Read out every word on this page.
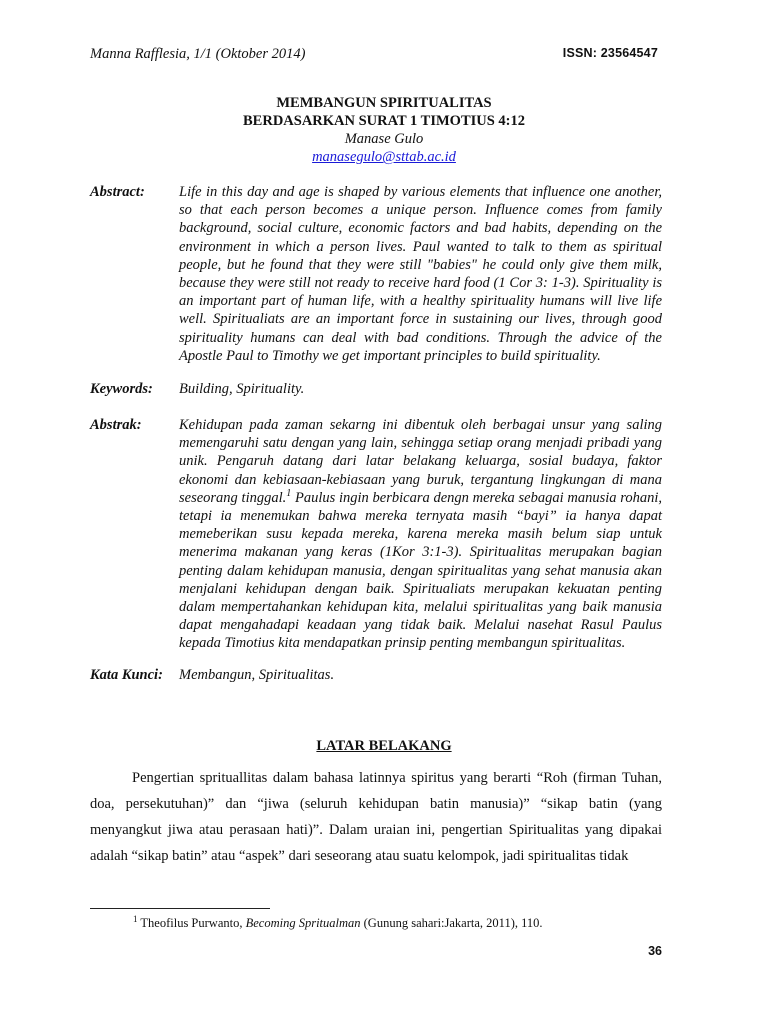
Manna Rafflesia, 1/1 (Oktober 2014)	ISSN: 23564547
MEMBANGUN SPIRITUALITAS
BERDASARKAN SURAT 1 TIMOTIUS 4:12
Manase Gulo
manasegulo@sttab.ac.id
Abstract: Life in this day and age is shaped by various elements that influence one another, so that each person becomes a unique person. Influence comes from family background, social culture, economic factors and bad habits, depending on the environment in which a person lives. Paul wanted to talk to them as spiritual people, but he found that they were still "babies" he could only give them milk, because they were still not ready to receive hard food (1 Cor 3: 1-3). Spirituality is an important part of human life, with a healthy spirituality humans will live life well. Spiritualiats are an important force in sustaining our lives, through good spirituality humans can deal with bad conditions. Through the advice of the Apostle Paul to Timothy we get important principles to build spirituality.
Keywords: Building, Spirituality.
Abstrak:	Kehidupan pada zaman sekarng ini dibentuk oleh berbagai unsur yang saling memengaruhi satu dengan yang lain, sehingga setiap orang menjadi pribadi yang unik. Pengaruh datang dari latar belakang keluarga, sosial budaya, faktor ekonomi dan kebiasaan-kebiasaan yang buruk, tergantung lingkungan di mana seseorang tinggal.$^1$ Paulus ingin berbicara dengn mereka sebagai manusia rohani, tetapi ia menemukan bahwa mereka ternyata masih “bayi” ia hanya dapat memeberikan susu kepada mereka, karena mereka masih belum siap untuk menerima makanan yang keras (1Kor 3:1-3). Spiritualitas merupakan bagian penting dalam kehidupan manusia, dengan spiritualitas yang sehat manusia akan menjalani kehidupan dengan baik. Spiritualiats merupakan kekuatan penting dalam mempertahankan kehidupan kita, melalui spiritualitas yang baik manusia dapat mengahadapi keadaan yang tidak baik. Melalui nasehat Rasul Paulus kepada Timotius kita mendapatkan prinsip penting membangun spiritualitas.
Kata Kunci: Membangun, Spiritualitas.
LATAR BELAKANG
Pengertian sprituallitas dalam bahasa latinnya spiritus yang berarti “Roh (firman Tuhan, doa, persekutuhan)” dan “jiwa (seluruh kehidupan batin manusia)” “sikap batin (yang menyangkut jiwa atau perasaan hati)”. Dalam uraian ini, pengertian Spiritualitas yang dipakai adalah “sikap batin” atau “aspek” dari seseorang atau suatu kelompok, jadi spiritualitas tidak
$^1$ Theofilus Purwanto, Becoming Spritualman (Gunung sahari:Jakarta, 2011), 110.
36
